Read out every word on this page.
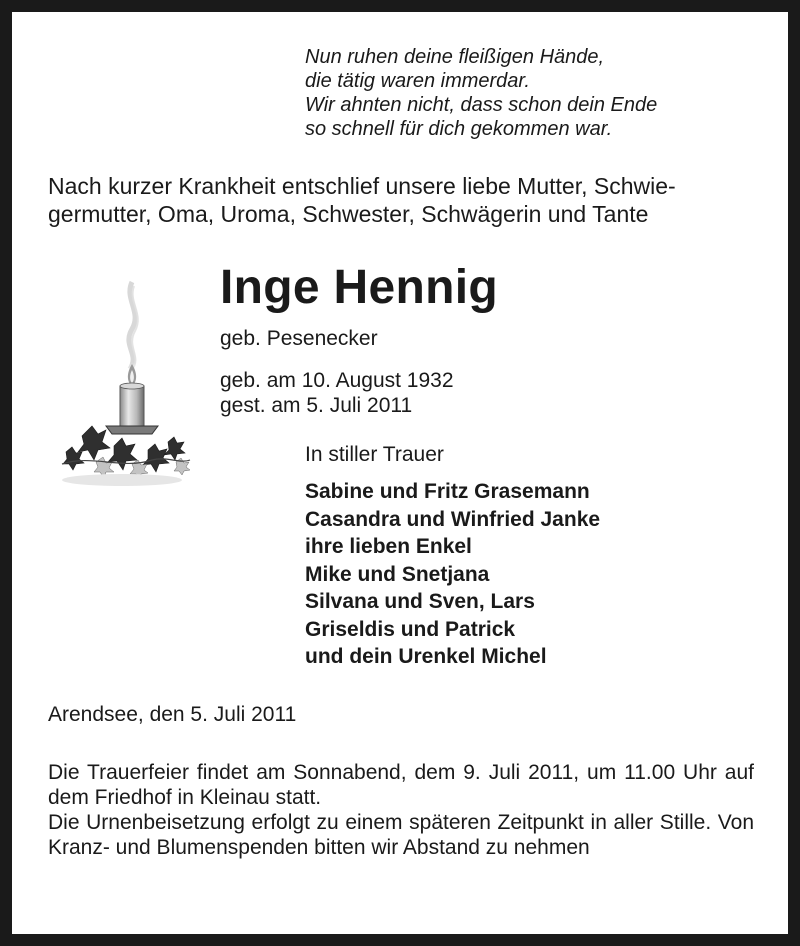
Nun ruhen deine fleißigen Hände,
die tätig waren immerdar.
Wir ahnten nicht, dass schon dein Ende
so schnell für dich gekommen war.
Nach kurzer Krankheit entschlief unsere liebe Mutter, Schwie-
germutter, Oma, Uroma, Schwester, Schwägerin und Tante
Inge Hennig
geb. Pesenecker
geb. am 10. August 1932
gest. am 5. Juli 2011
In stiller Trauer
Sabine und Fritz Grasemann
Casandra und Winfried Janke
ihre lieben Enkel
Mike und Snetjana
Silvana und Sven, Lars
Griseldis und Patrick
und dein Urenkel Michel
Arendsee, den 5. Juli 2011
Die Trauerfeier findet am Sonnabend, dem 9. Juli 2011, um 11.00 Uhr auf dem Friedhof in Kleinau statt.
Die Urnenbeisetzung erfolgt zu einem späteren Zeitpunkt in aller Stille. Von Kranz- und Blumenspenden bitten wir Abstand zu nehmen
